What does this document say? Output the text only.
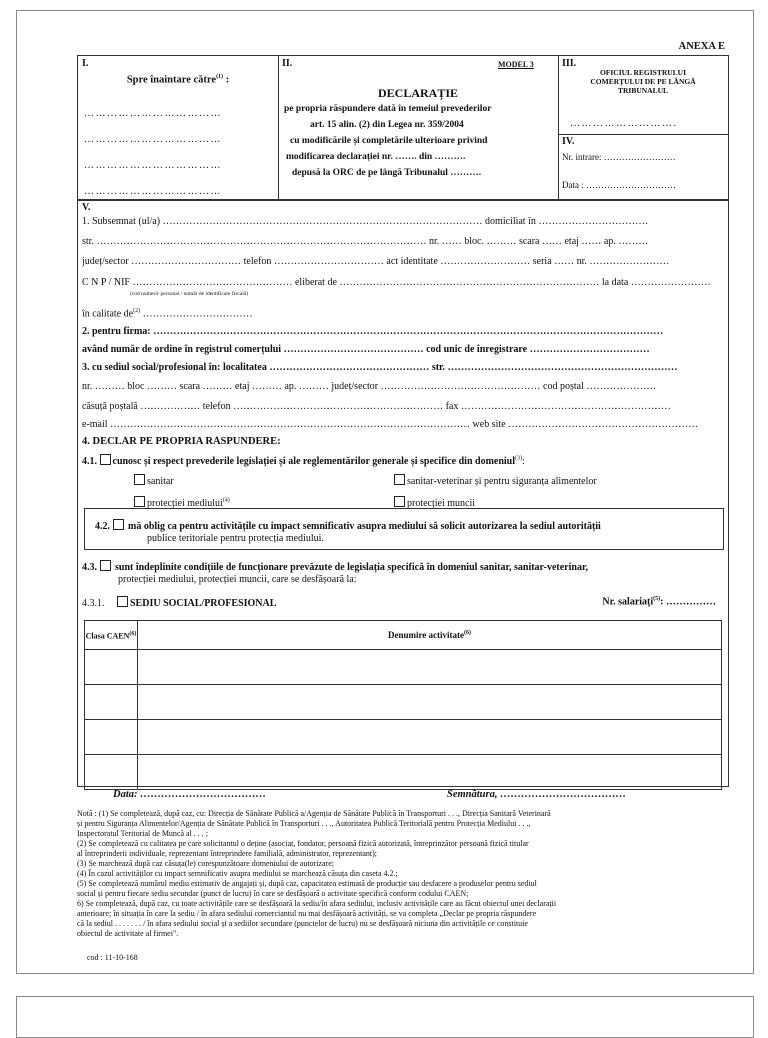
ANEXA E
I.
Spre înaintare către$^{(1)}$ :
………………………………
………………………………
………………………………
………………………………
II.	MODEL 3
DECLARAȚIE
pe propria răspundere dată în temeiul prevederilor
art. 15 alin. (2) din Legea nr. 359/2004
cu modificările și completările ulterioare privind
modificarea declarației nr. ……. din ……….
depusă la ORC de pe lângă Tribunalul ……….
III.
OFICIUL REGISTRULUI
COMERȚULUI DE PE LÂNGĂ
TRIBUNALUL
……………………….
IV.
Nr. intrare: ……………………
Data : …………………………
V.
1. Subsemnat (ul/a) …………………………………………………………………………………… domiciliat în ……………………………
str. ……………………………………………………………………………………… nr. …… bloc. ……… scara …… etaj …… ap. ………
județ/sector …………………………… telefon …………………………… act identitate ……………………… seria …… nr. ……………………
C N P / NIF ………………………………………… eliberat de …………………………………………………………………… la data ……………………
(cod numeric personal / număr de identificare fiscală)
în calitate $de^{(2)}$ ……………………………
2. pentru firma: ………………………………………………………………………………………………………………………………………
având număr de ordine în registrul comerțului …………………………………… cod unic de înregistrare ………………………………
3. cu sediul social/profesional în: localitatea ………………………………………… str. ……………………………………………………………
nr. ……… bloc ……… scara ……… etaj ……… ap. ……… județ/sector ………………………………………… cod poștal …………………
căsuță poștală ……………… telefon ……………………………………………………… fax ………………………………………………………
e-mail ……………………………………………………………………………………………… web site …………………………………………………
4. DECLAR PE PROPRIA RĂSPUNDERE:
4.1. cunosc și respect prevederile legislației și ale reglementărilor generale și specifice din domeniul$^{(3)}$:
sanitar	sanitar-veterinar și pentru siguranța alimentelor
protecției mediului$^{(4)}$	protecției muncii
4.2. mă oblig ca pentru activitățile cu impact semnificativ asupra mediului să solicit autorizarea la sediul autorității
publice teritoriale pentru protecția mediului.
4.3. sunt îndeplinite condițiile de funcționare prevăzute de legislația specifică în domeniul sanitar, sanitar-veterinar,
protecției mediului, protecției muncii, care se desfășoară la:
4.3.1.	SEDIU SOCIAL/PROFESIONAL	Nr. salariați$^{(5)}$: ……………
Clasa CAEN$^{(6)}$	Denumire activitate$^{(6)}$

Data: ………………………………	Semnătura, ………………………………
Notă : (1) Se completează, după caz, cu: Direcția de Sănătate Publică a/Agenția de Sănătate Publică în Transporturi . . ., Direcția Sanitară Veterinară
și pentru Siguranța Alimentelor/Agenția de Sănătate Publică în Transporturi . . ., Autoritatea Publică Teritorială pentru Protecția Mediului . . .,
Inspectoratul Teritorial de Muncă al . . . ;
(2) Se completează cu calitatea pe care solicitantul o deține (asociat, fondator, persoană fizică autorizată, întreprinzător persoană fizică titular
al întreprinderii individuale, reprezentant întreprindere familială, administrator, reprezentant);
(3) Se marchează după caz căsuța(le) corespunzătoare domeniului de autorizare;
(4) În cazul activităților cu impact semnificativ asupra mediului se marchează căsuța din caseta 4.2.;
(5) Se completează numărul mediu estimativ de angajați și, după caz, capacitatea estimată de producție sau desfacere a produselor pentru sediul
social și pentru fiecare sediu secundar (punct de lucru) în care se desfășoară o activitate specifică conform codului CAEN;
6) Se completează, după caz, cu toate activitățile care se desfășoară la sediu/în afara sediului, inclusiv activitățile care au făcut obiectul unei declarații
anterioare; în situația în care la sediu / în afara sediului comerciantul nu mai desfășoară activități, se va completa „Declar pe propria răspundere
că la sediul . . . . . . . / în afara sediului social și a sediilor secundare (punctelor de lucru) nu se desfășoară niciuna din activitățile ce constituie
obiectul de activitate al firmei".
cod : 11-10-168
